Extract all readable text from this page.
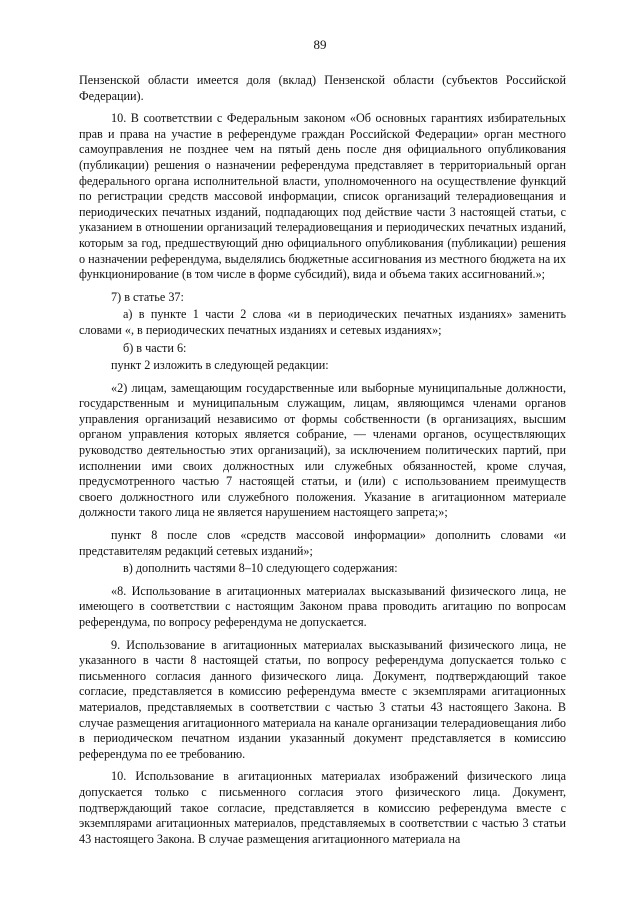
89

Пензенской области имеется доля (вклад) Пензенской области (субъектов Российской Федерации).

10. В соответствии с Федеральным законом «Об основных гарантиях избирательных прав и права на участие в референдуме граждан Российской Федерации» орган местного самоуправления не позднее чем на пятый день после дня официального опубликования (публикации) решения о назначении референдума представляет в территориальный орган федерального органа исполнительной власти, уполномоченного на осуществление функций по регистрации средств массовой информации, список организаций телерадиовещания и периодических печатных изданий, подпадающих под действие части 3 настоящей статьи, с указанием в отношении организаций телерадиовещания и периодических печатных изданий, которым за год, предшествующий дню официального опубликования (публикации) решения о назначении референдума, выделялись бюджетные ассигнования из местного бюджета на их функционирование (в том числе в форме субсидий), вида и объема таких ассигнований.»;

7) в статье 37:

а) в пункте 1 части 2 слова «и в периодических печатных изданиях» заменить словами «, в периодических печатных изданиях и сетевых изданиях»;

б) в части 6:

пункт 2 изложить в следующей редакции:

«2) лицам, замещающим государственные или выборные муниципальные должности, государственным и муниципальным служащим, лицам, являющимся членами органов управления организаций независимо от формы собственности (в организациях, высшим органом управления которых является собрание, — членами органов, осуществляющих руководство деятельностью этих организаций), за исключением политических партий, при исполнении ими своих должностных или служебных обязанностей, кроме случая, предусмотренного частью 7 настоящей статьи, и (или) с использованием преимуществ своего должностного или служебного положения. Указание в агитационном материале должности такого лица не является нарушением настоящего запрета;»;

пункт 8 после слов «средств массовой информации» дополнить словами «и представителям редакций сетевых изданий»;

в) дополнить частями 8–10 следующего содержания:

«8. Использование в агитационных материалах высказываний физического лица, не имеющего в соответствии с настоящим Законом права проводить агитацию по вопросам референдума, по вопросу референдума не допускается.

9. Использование в агитационных материалах высказываний физического лица, не указанного в части 8 настоящей статьи, по вопросу референдума допускается только с письменного согласия данного физического лица. Документ, подтверждающий такое согласие, представляется в комиссию референдума вместе с экземплярами агитационных материалов, представляемых в соответствии с частью 3 статьи 43 настоящего Закона. В случае размещения агитационного материала на канале организации телерадиовещания либо в периодическом печатном издании указанный документ представляется в комиссию референдума по ее требованию.

10. Использование в агитационных материалах изображений физического лица допускается только с письменного согласия этого физического лица. Документ, подтверждающий такое согласие, представляется в комиссию референдума вместе с экземплярами агитационных материалов, представляемых в соответствии с частью 3 статьи 43 настоящего Закона. В случае размещения агитационного материала на
